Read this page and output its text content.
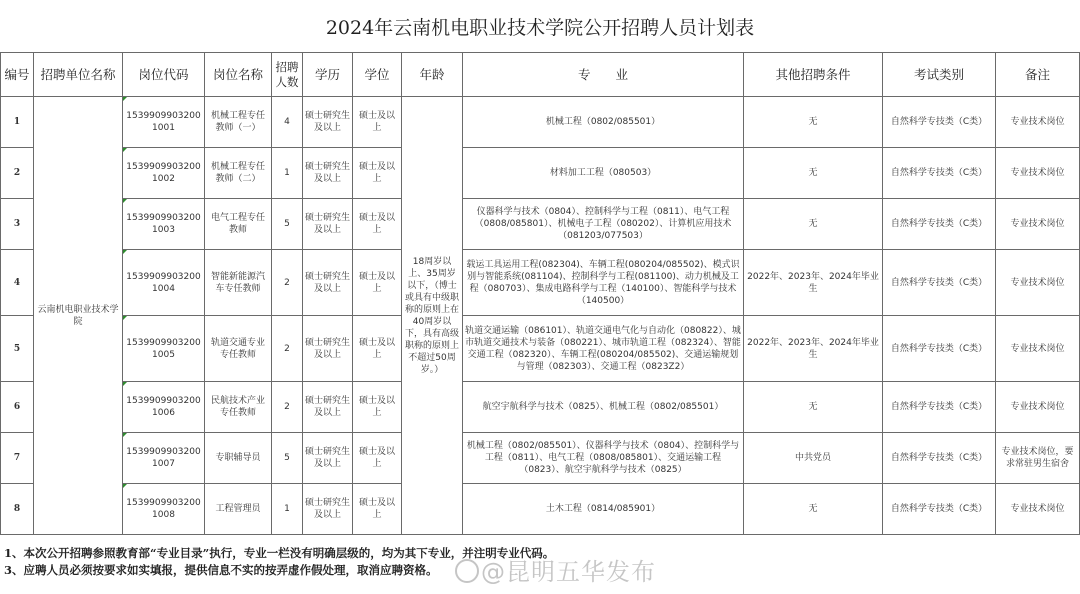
2024年云南机电职业技术学院公开招聘人员计划表
编号	招聘单位名称	岗位代码	岗位名称	招聘人数	学历	学位	年龄	专　　业	其他招聘条件	考试类别	备注
1	云南机电职业技术学院	15399099032001001	机械工程专任教师（一）	4	硕士研究生及以上	硕士及以上	18周岁以上、35周岁以下，（博士或具有中级职称的原则上在40周岁以下，具有高级职称的原则上不超过50周岁。）	机械工程（0802/085501）	无	自然科学专技类（C类）	专业技术岗位
2		15399099032001002	机械工程专任教师（二）	1	硕士研究生及以上	硕士及以上		材料加工工程（080503）	无	自然科学专技类（C类）	专业技术岗位
3		15399099032001003	电气工程专任教师	5	硕士研究生及以上	硕士及以上		仪器科学与技术（0804）、控制科学与工程（0811）、电气工程（0808/085801）、机械电子工程（080202）、计算机应用技术（081203/077503）	无	自然科学专技类（C类）	专业技术岗位
4		15399099032001004	智能新能源汽车专任教师	2	硕士研究生及以上	硕士及以上		载运工具运用工程(082304)、车辆工程(080204/085502)、模式识别与智能系统(081104)、控制科学与工程(081100)、动力机械及工程（080703）、集成电路科学与工程（140100）、智能科学与技术（140500）	2022年、2023年、2024年毕业生	自然科学专技类（C类）	专业技术岗位
5		15399099032001005	轨道交通专业专任教师	2	硕士研究生及以上	硕士及以上		轨道交通运输（086101）、轨道交通电气化与自动化（080822）、城市轨道交通技术与装备（080221）、城市轨道工程（082324）、智能交通工程（082320）、车辆工程(080204/085502)、交通运输规划与管理（082303）、交通工程（0823Z2）	2022年、2023年、2024年毕业生	自然科学专技类（C类）	专业技术岗位
6		15399099032001006	民航技术产业专任教师	2	硕士研究生及以上	硕士及以上		航空宇航科学与技术（0825）、机械工程（0802/085501）	无	自然科学专技类（C类）	专业技术岗位
7		15399099032001007	专职辅导员	5	硕士研究生及以上	硕士及以上		机械工程（0802/085501）、仪器科学与技术（0804）、控制科学与工程（0811）、电气工程（0808/085801）、交通运输工程（0823）、航空宇航科学与技术（0825）	中共党员	自然科学专技类（C类）	专业技术岗位，要求常驻男生宿舍
8		15399099032001008	工程管理员	1	硕士研究生及以上	硕士及以上		土木工程（0814/085901）	无	自然科学专技类（C类）	专业技术岗位
1、本次公开招聘参照教育部“专业目录”执行，专业一栏没有明确层级的，均为其下专业，并注明专业代码。
3、应聘人员必须按要求如实填报，提供信息不实的按弄虚作假处理，取消应聘资格。	@昆明五华发布
